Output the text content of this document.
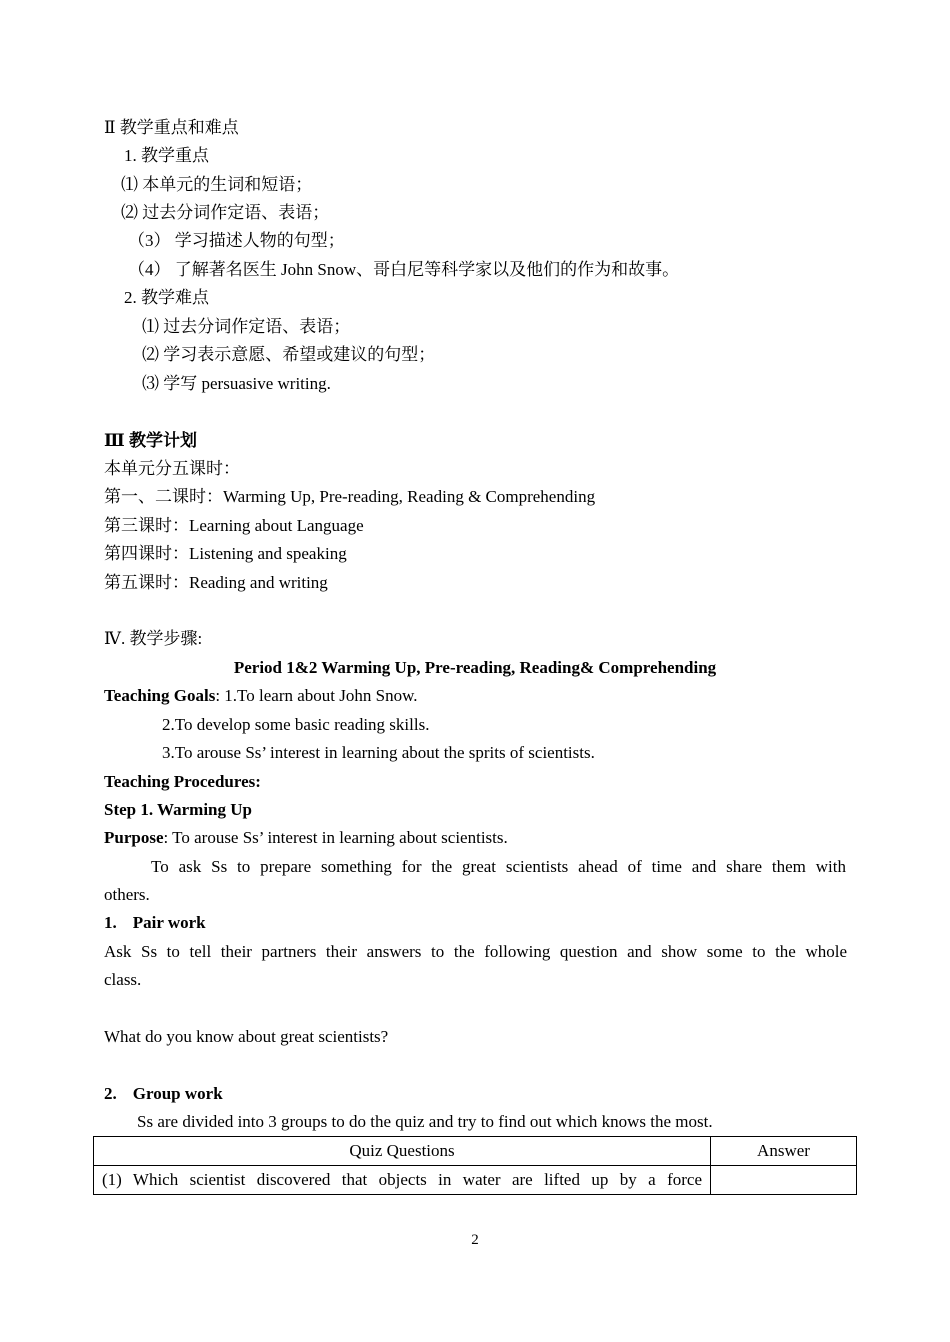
Ⅱ 教学重点和难点
1. 教学重点
⑴ 本单元的生词和短语；
⑵ 过去分词作定语、表语；
（3） 学习描述人物的句型；
（4） 了解著名医生 John Snow、哥白尼等科学家以及他们的作为和故事。
2. 教学难点
⑴ 过去分词作定语、表语；
⑵ 学习表示意愿、希望或建议的句型；
⑶ 学写 persuasive writing.
Ⅲ 教学计划
本单元分五课时：
第一、二课时：Warming Up, Pre-reading, Reading & Comprehending
第三课时：Learning about Language
第四课时：Listening and speaking
第五课时：Reading and writing
Ⅳ. 教学步骤:
Period 1&2 Warming Up, Pre-reading, Reading& Comprehending
Teaching Goals: 1.To learn about John Snow.
2.To develop some basic reading skills.
3.To arouse Ss’ interest in learning about the sprits of scientists.
Teaching Procedures:
Step 1. Warming Up
Purpose: To arouse Ss’ interest in learning about scientists.
To ask Ss to prepare something for the great scientists ahead of time and share them with
others.
1. Pair work
Ask Ss to tell their partners their answers to the following question and show some to the whole
class.
What do you know about great scientists?
2. Group work
Ss are divided into 3 groups to do the quiz and try to find out which knows the most.
Quiz Questions	Answer

(1) Which scientist discovered that objects in water are lifted up by a force	

2
